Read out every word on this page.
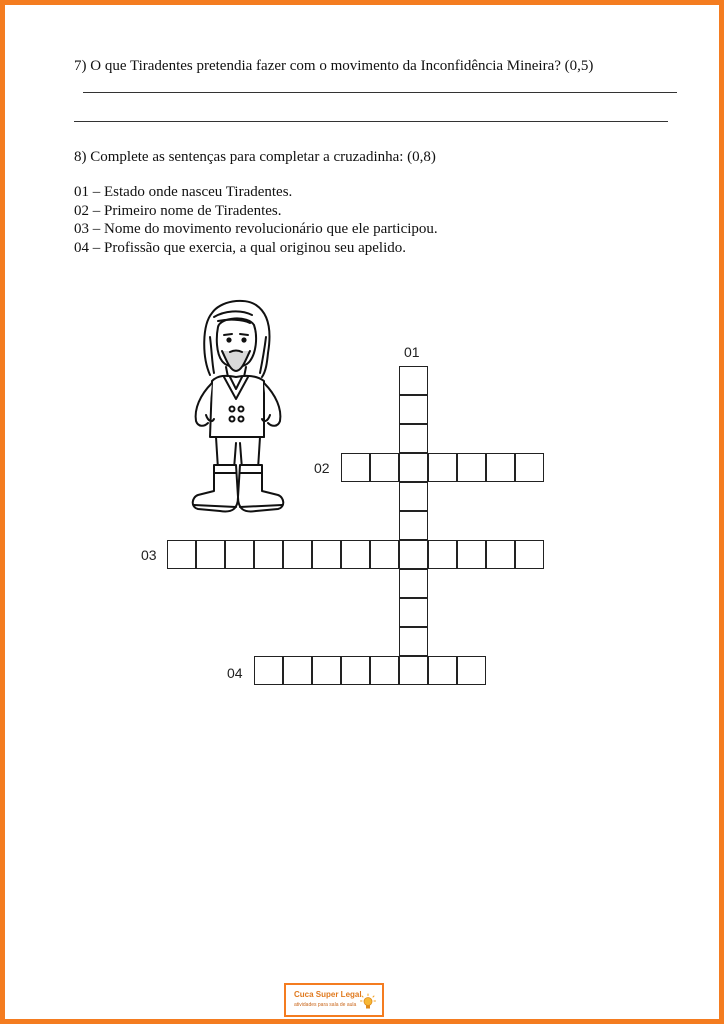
7) O que Tiradentes pretendia fazer com o movimento da Inconfidência Mineira? (0,5)
8) Complete as sentenças para completar a cruzadinha: (0,8)
01 – Estado onde nasceu Tiradentes.
02 – Primeiro nome de Tiradentes.
03 – Nome do movimento revolucionário que ele participou.
04 – Profissão que exercia, a qual originou seu apelido.
01
02
03
04
Cuca Super Legal
atividades para sala de aula
